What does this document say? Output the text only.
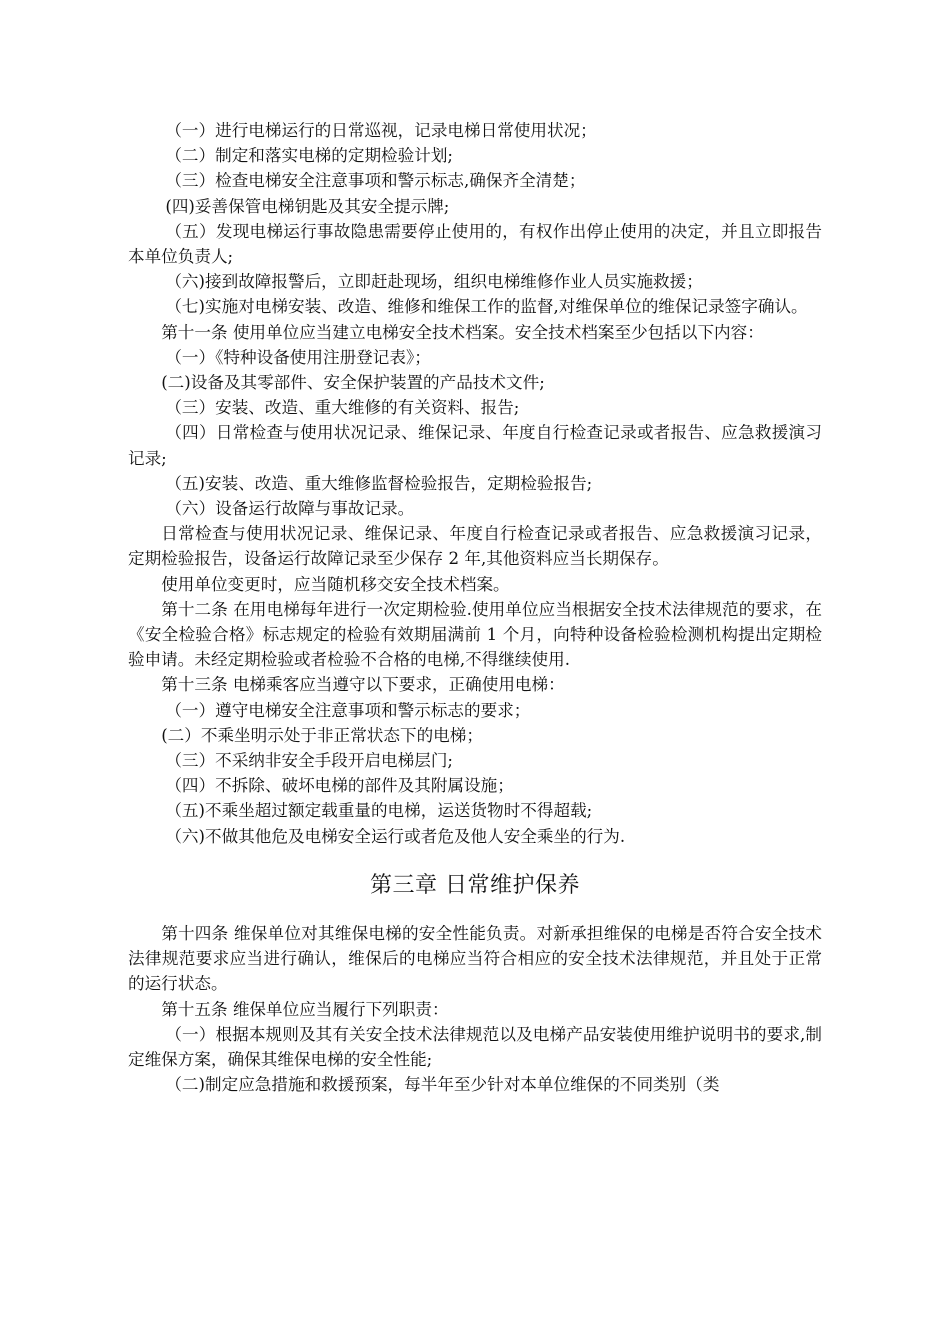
（一）进行电梯运行的日常巡视，记录电梯日常使用状况；

（二）制定和落实电梯的定期检验计划;

（三）检查电梯安全注意事项和警示标志,确保齐全清楚；

(四)妥善保管电梯钥匙及其安全提示牌;

（五）发现电梯运行事故隐患需要停止使用的，有权作出停止使用的决定，并且立即报告本单位负责人;

（六)接到故障报警后，立即赶赴现场，组织电梯维修作业人员实施救援；

（七)实施对电梯安装、改造、维修和维保工作的监督,对维保单位的维保记录签字确认。

第十一条 使用单位应当建立电梯安全技术档案。安全技术档案至少包括以下内容：

（一）《特种设备使用注册登记表》；

(二)设备及其零部件、安全保护装置的产品技术文件;

（三）安装、改造、重大维修的有关资料、报告;

（四）日常检查与使用状况记录、维保记录、年度自行检查记录或者报告、应急救援演习记录;

（五)安装、改造、重大维修监督检验报告，定期检验报告;

（六）设备运行故障与事故记录。

日常检查与使用状况记录、维保记录、年度自行检查记录或者报告、应急救援演习记录，定期检验报告，设备运行故障记录至少保存 2 年,其他资料应当长期保存。

使用单位变更时，应当随机移交安全技术档案。

第十二条 在用电梯每年进行一次定期检验.使用单位应当根据安全技术法律规范的要求，在《安全检验合格》标志规定的检验有效期届满前 1 个月，向特种设备检验检测机构提出定期检验申请。未经定期检验或者检验不合格的电梯,不得继续使用.

第十三条 电梯乘客应当遵守以下要求，正确使用电梯：

（一）遵守电梯安全注意事项和警示标志的要求；

(二）不乘坐明示处于非正常状态下的电梯；

（三）不采纳非安全手段开启电梯层门;

（四）不拆除、破坏电梯的部件及其附属设施；

（五)不乘坐超过额定载重量的电梯，运送货物时不得超载;

（六)不做其他危及电梯安全运行或者危及他人安全乘坐的行为.

第三章 日常维护保养

第十四条 维保单位对其维保电梯的安全性能负责。对新承担维保的电梯是否符合安全技术法律规范要求应当进行确认，维保后的电梯应当符合相应的安全技术法律规范，并且处于正常的运行状态。

第十五条 维保单位应当履行下列职责：

（一）根据本规则及其有关安全技术法律规范以及电梯产品安装使用维护说明书的要求,制定维保方案，确保其维保电梯的安全性能;

（二)制定应急措施和救援预案，每半年至少针对本单位维保的不同类别（类
